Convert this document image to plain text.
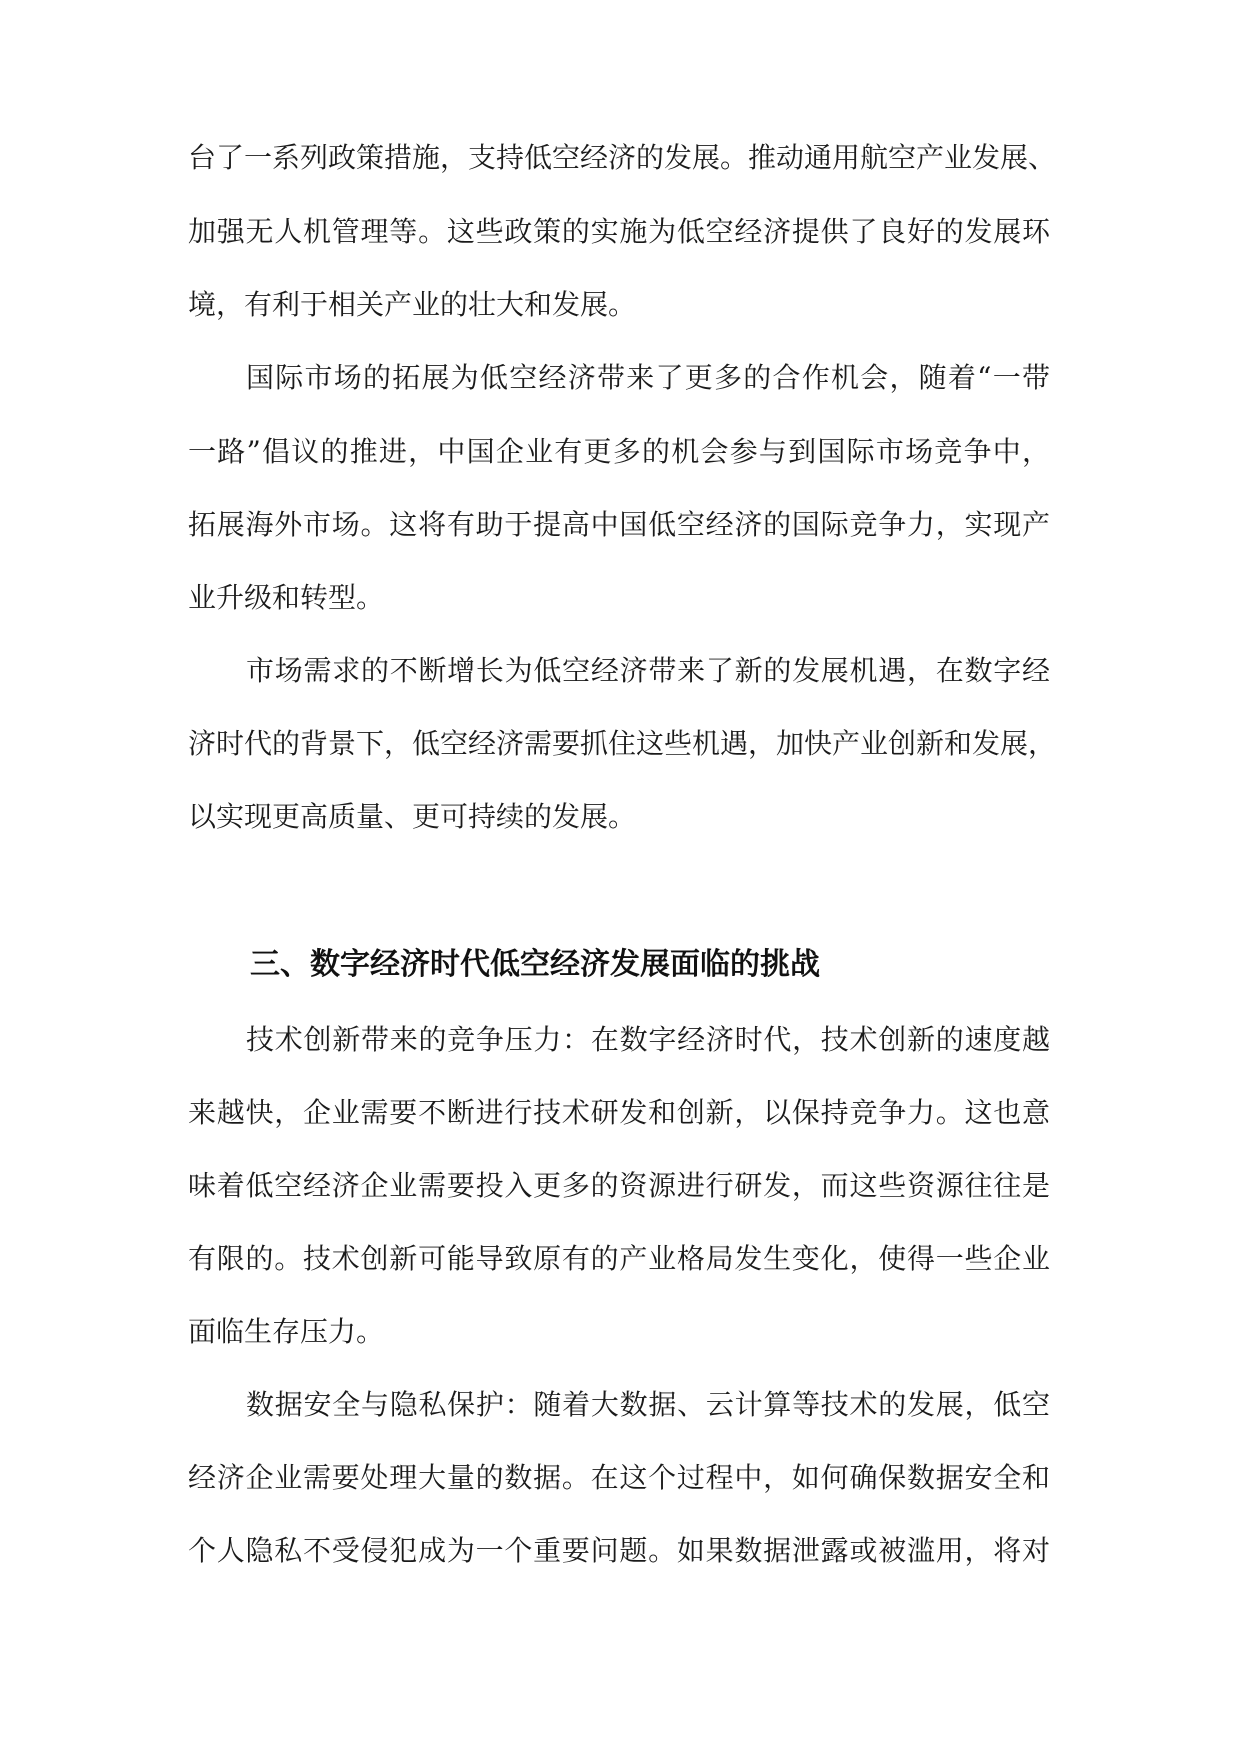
台了一系列政策措施，支持低空经济的发展。推动通用航空产业发展、

加强无人机管理等。这些政策的实施为低空经济提供了良好的发展环

境，有利于相关产业的壮大和发展。

国际市场的拓展为低空经济带来了更多的合作机会，随着“一带

一路”倡议的推进，中国企业有更多的机会参与到国际市场竞争中，

拓展海外市场。这将有助于提高中国低空经济的国际竞争力，实现产

业升级和转型。

市场需求的不断增长为低空经济带来了新的发展机遇，在数字经

济时代的背景下，低空经济需要抓住这些机遇，加快产业创新和发展，

以实现更高质量、更可持续的发展。

三、数字经济时代低空经济发展面临的挑战

技术创新带来的竞争压力：在数字经济时代，技术创新的速度越

来越快，企业需要不断进行技术研发和创新，以保持竞争力。这也意

味着低空经济企业需要投入更多的资源进行研发，而这些资源往往是

有限的。技术创新可能导致原有的产业格局发生变化，使得一些企业

面临生存压力。

数据安全与隐私保护：随着大数据、云计算等技术的发展，低空

经济企业需要处理大量的数据。在这个过程中，如何确保数据安全和

个人隐私不受侵犯成为一个重要问题。如果数据泄露或被滥用，将对
